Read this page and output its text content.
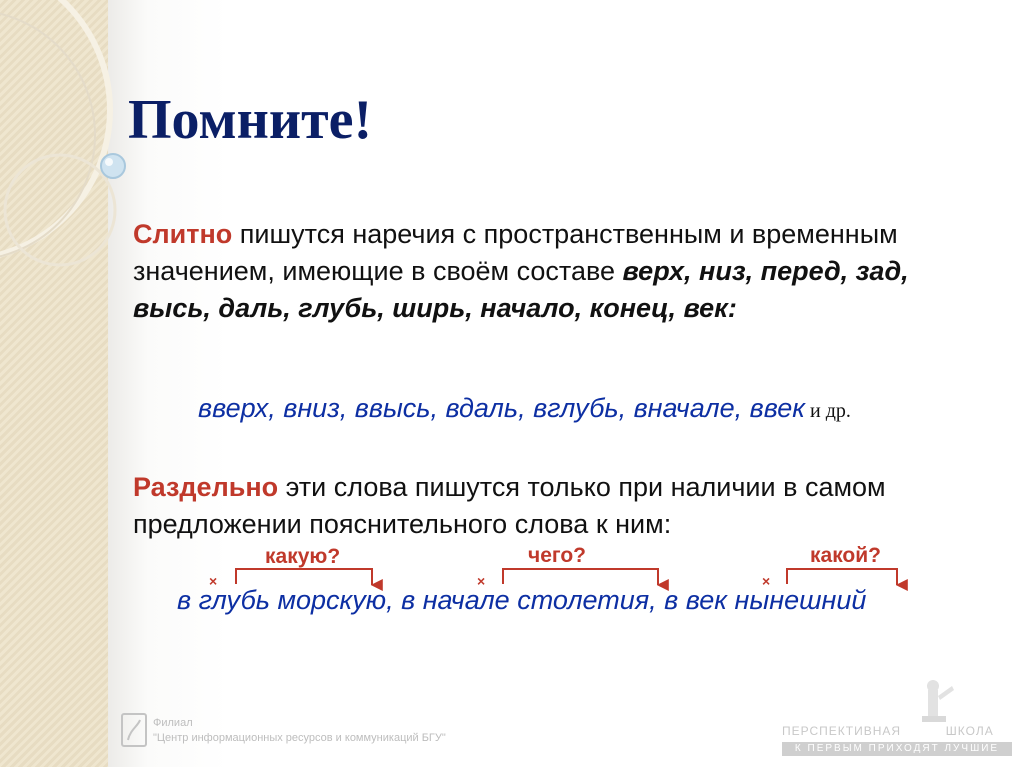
Помните!
Слитно пишутся наречия с пространственным и временным значением, имеющие в своём составе верх, низ, перед, зад, высь, даль, глубь, ширь, начало, конец, век:
вверх, вниз, ввысь, вдаль, вглубь, вначале, ввек и др.
Раздельно эти слова пишутся только при наличии в самом предложении пояснительного слова к ним:
какую?	чего?	какой?
×	×	×
в глубь морскую, в начале столетия, в век нынешний
Филиал
"Центр информационных ресурсов и коммуникаций БГУ"	ПЕРСПЕКТИВНАЯ	ШКОЛА
К ПЕРВЫМ ПРИХОДЯТ ЛУЧШИЕ
